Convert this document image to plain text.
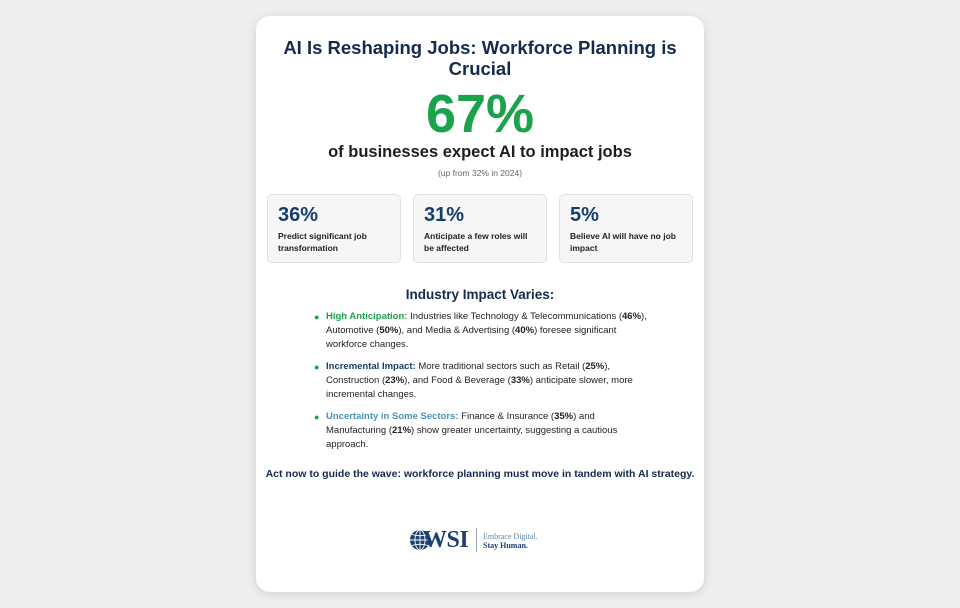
AI Is Reshaping Jobs: Workforce Planning is Crucial
67%
of businesses expect AI to impact jobs
(up from 32% in 2024)
36%
Predict significant job transformation
31%
Anticipate a few roles will be affected
5%
Believe AI will have no job impact
Industry Impact Varies:
● High Anticipation: Industries like Technology & Telecommunications (46%), Automotive (50%), and Media & Advertising (40%) foresee significant workforce changes.
● Incremental Impact: More traditional sectors such as Retail (25%), Construction (23%), and Food & Beverage (33%) anticipate slower, more incremental changes.
● Uncertainty in Some Sectors: Finance & Insurance (35%) and Manufacturing (21%) show greater uncertainty, suggesting a cautious approach.
Act now to guide the wave: workforce planning must move in tandem with AI strategy.
WSI Embrace Digital.
Stay Human.
